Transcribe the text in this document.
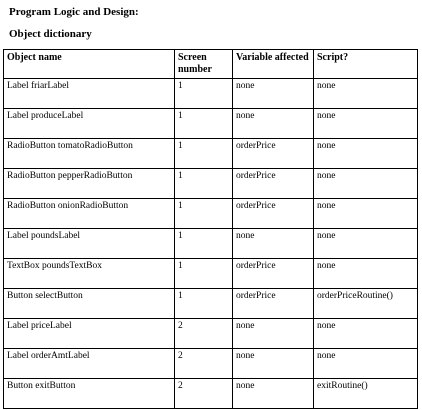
Program Logic and Design:
Object dictionary
Object name	Screen number	Variable affected	Script?
Label friarLabel	1	none	none
Label produceLabel	1	none	none
RadioButton tomatoRadioButton	1	orderPrice	none
RadioButton pepperRadioButton	1	orderPrice	none
RadioButton onionRadioButton	1	orderPrice	none
Label poundsLabel	1	none	none
TextBox poundsTextBox	1	orderPrice	none
Button selectButton	1	orderPrice	orderPriceRoutine()
Label priceLabel	2	none	none
Label orderAmtLabel	2	none	none
Button exitButton	2	none	exitRoutine()
